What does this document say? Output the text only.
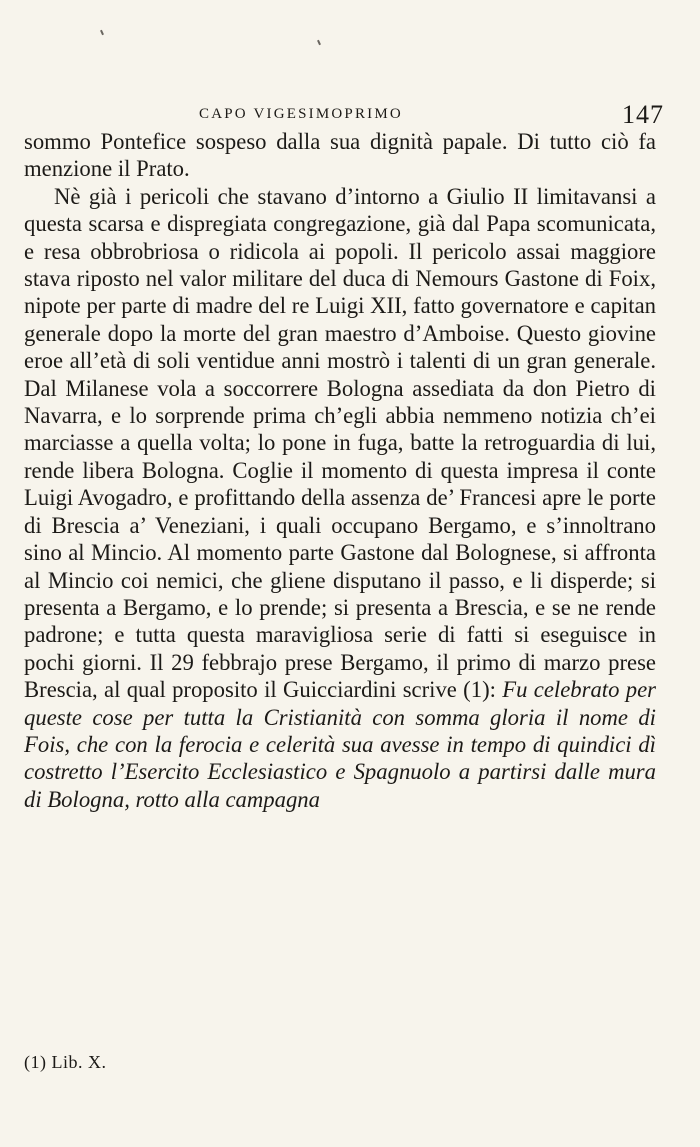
CAPO VIGESIMOPRIMO	147

sommo Pontefice sospeso dalla sua dignità papale. Di tutto ciò fa menzione il Prato.

Nè già i pericoli che stavano d’intorno a Giulio II limitavansi a questa scarsa e dispregiata congregazione, già dal Papa scomunicata, e resa obbrobriosa o ridicola ai popoli. Il pericolo assai maggiore stava riposto nel valor militare del duca di Nemours Gastone di Foix, nipote per parte di madre del re Luigi XII, fatto governatore e capitan generale dopo la morte del gran maestro d’Amboise. Questo giovine eroe all’età di soli ventidue anni mostrò i talenti di un gran generale. Dal Milanese vola a soccorrere Bologna assediata da don Pietro di Navarra, e lo sorprende prima ch’egli abbia nemmeno notizia ch’ei marciasse a quella volta; lo pone in fuga, batte la retroguardia di lui, rende libera Bologna. Coglie il momento di questa impresa il conte Luigi Avogadro, e profittando della assenza de’ Francesi apre le porte di Brescia a’ Veneziani, i quali occupano Bergamo, e s’innoltrano sino al Mincio. Al momento parte Gastone dal Bolognese, si affronta al Mincio coi nemici, che gliene disputano il passo, e li disperde; si presenta a Bergamo, e lo prende; si presenta a Brescia, e se ne rende padrone; e tutta questa maravigliosa serie di fatti si eseguisce in pochi giorni. Il 29 febbrajo prese Bergamo, il primo di marzo prese Brescia, al qual proposito il Guicciardini scrive (1): Fu celebrato per queste cose per tutta la Cristianità con somma gloria il nome di Fois, che con la ferocia e celerità sua avesse in tempo di quindici dì costretto l’Esercito Ecclesiastico e Spagnuolo a partirsi dalle mura di Bologna, rotto alla campagna

(1) Lib. X.
